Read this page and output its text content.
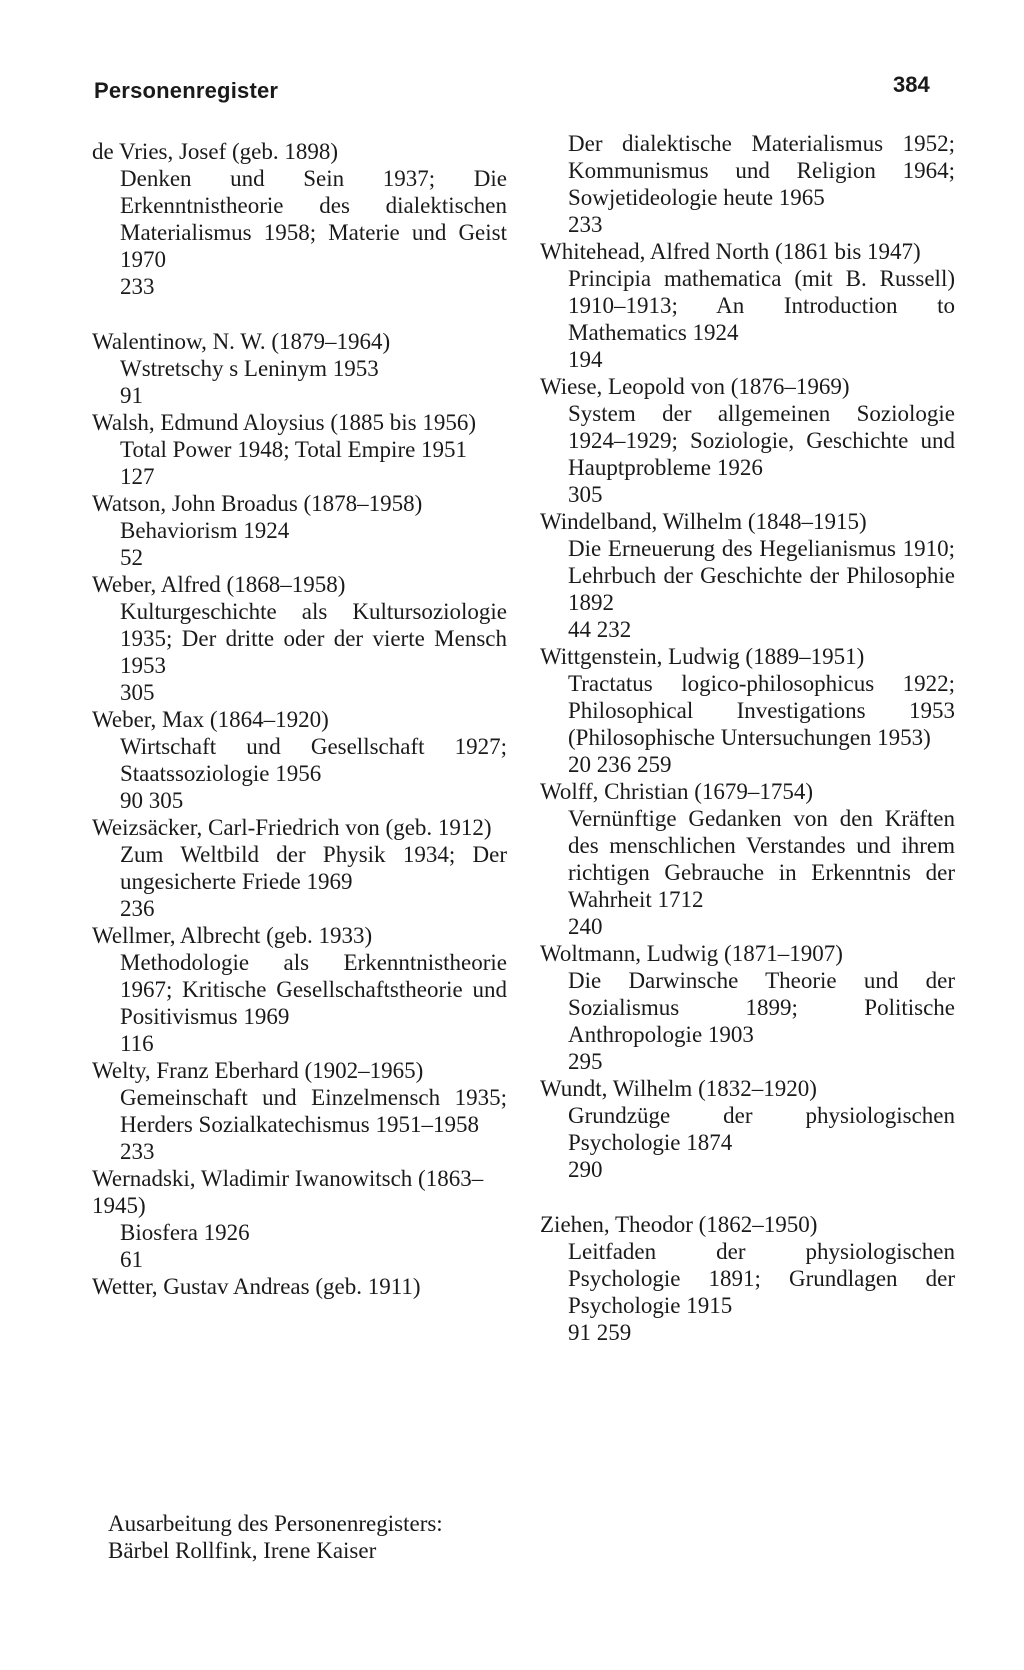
Personenregister	384
de Vries, Josef (geb. 1898)
Denken und Sein 1937; Die Erkenntnistheorie des dialektischen Materialismus 1958; Materie und Geist 1970
233
Walentinow, N. W. (1879–1964)
Wstretschy s Leninym 1953
91
Walsh, Edmund Aloysius (1885 bis 1956)
Total Power 1948; Total Empire 1951
127
Watson, John Broadus (1878–1958)
Behaviorism 1924
52
Weber, Alfred (1868–1958)
Kulturgeschichte als Kultursoziologie 1935; Der dritte oder der vierte Mensch 1953
305
Weber, Max (1864–1920)
Wirtschaft und Gesellschaft 1927; Staatssoziologie 1956
90 305
Weizsäcker, Carl-Friedrich von (geb. 1912)
Zum Weltbild der Physik 1934; Der ungesicherte Friede 1969
236
Wellmer, Albrecht (geb. 1933)
Methodologie als Erkenntnistheorie 1967; Kritische Gesellschaftstheorie und Positivismus 1969
116
Welty, Franz Eberhard (1902–1965)
Gemeinschaft und Einzelmensch 1935; Herders Sozialkatechismus 1951–1958
233
Wernadski, Wladimir Iwanowitsch (1863–1945)
Biosfera 1926
61
Wetter, Gustav Andreas (geb. 1911)
Der dialektische Materialismus 1952; Kommunismus und Religion 1964; Sowjetideologie heute 1965
233
Whitehead, Alfred North (1861 bis 1947)
Principia mathematica (mit B. Russell) 1910–1913; An Introduction to Mathematics 1924
194
Wiese, Leopold von (1876–1969)
System der allgemeinen Soziologie 1924–1929; Soziologie, Geschichte und Hauptprobleme 1926
305
Windelband, Wilhelm (1848–1915)
Die Erneuerung des Hegelianismus 1910; Lehrbuch der Geschichte der Philosophie 1892
44 232
Wittgenstein, Ludwig (1889–1951)
Tractatus logico-philosophicus 1922; Philosophical Investigations 1953 (Philosophische Untersuchungen 1953)
20 236 259
Wolff, Christian (1679–1754)
Vernünftige Gedanken von den Kräften des menschlichen Verstandes und ihrem richtigen Gebrauche in Erkenntnis der Wahrheit 1712
240
Woltmann, Ludwig (1871–1907)
Die Darwinsche Theorie und der Sozialismus 1899; Politische Anthropologie 1903
295
Wundt, Wilhelm (1832–1920)
Grundzüge der physiologischen Psychologie 1874
290
Ziehen, Theodor (1862–1950)
Leitfaden der physiologischen Psychologie 1891; Grundlagen der Psychologie 1915
91 259
Ausarbeitung des Personenregisters:
Bärbel Rollfink, Irene Kaiser
